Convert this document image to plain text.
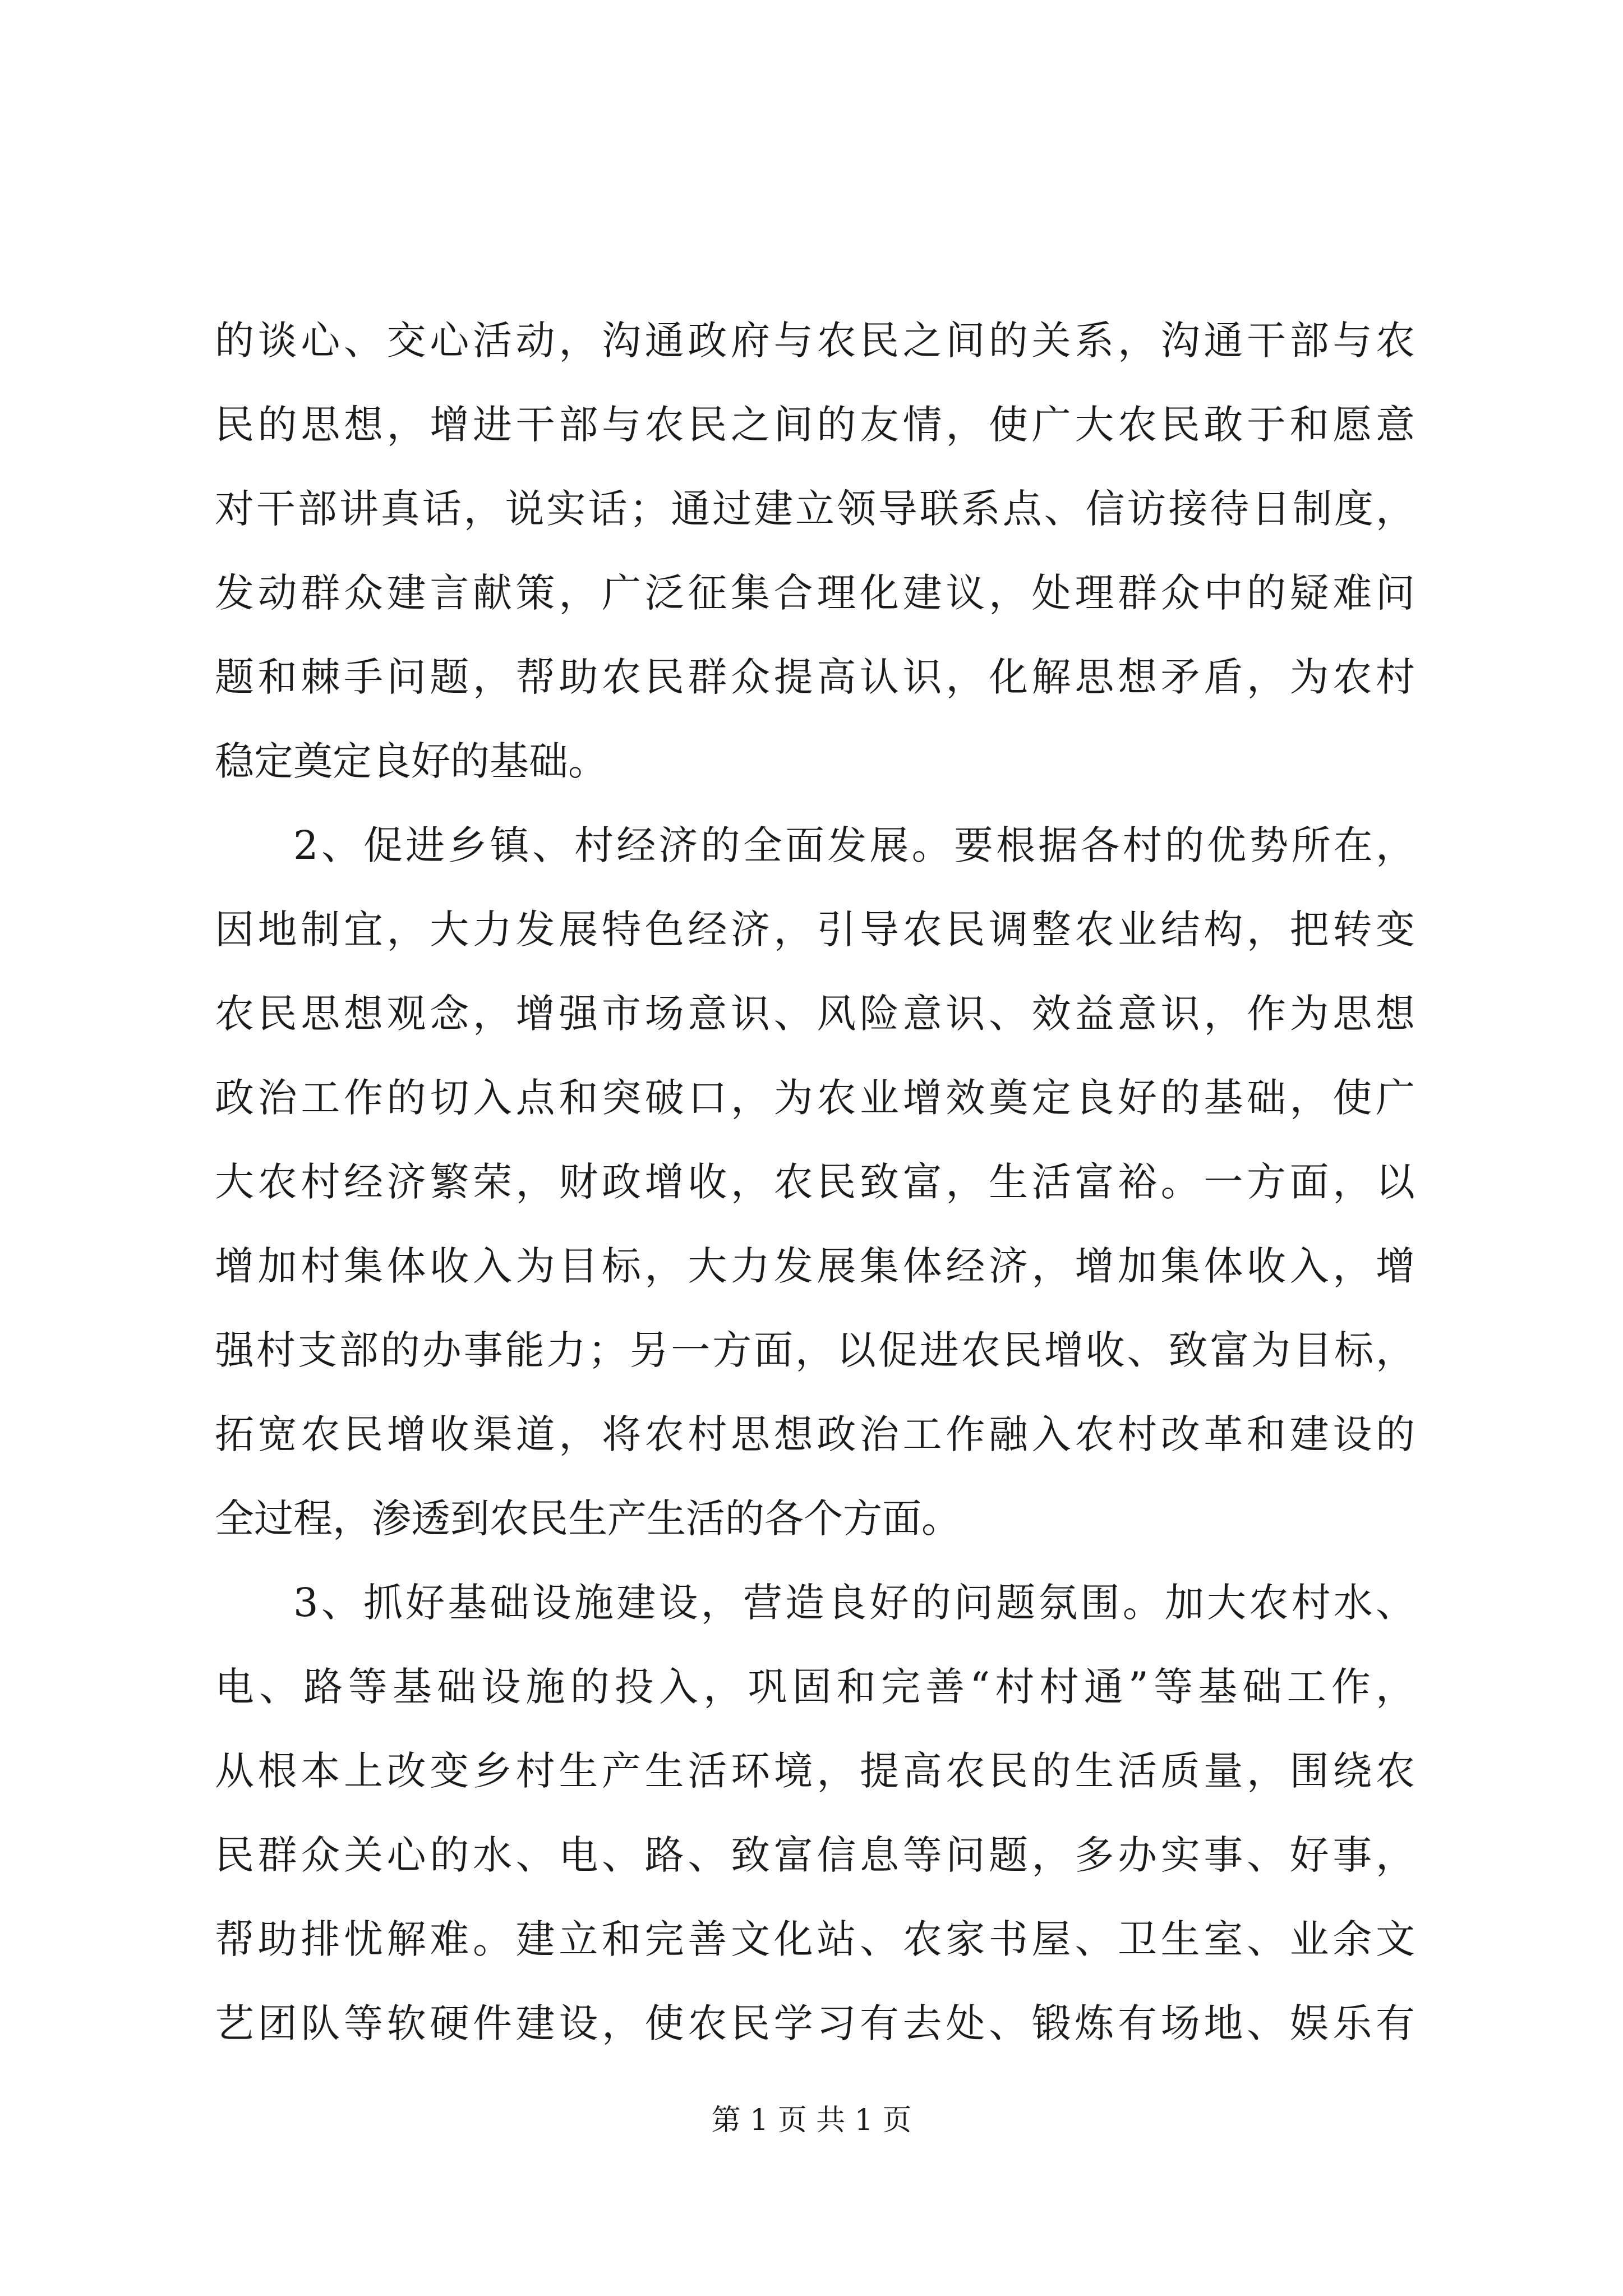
的谈心、交心活动，沟通政府与农民之间的关系，沟通干部与农
民的思想，增进干部与农民之间的友情，使广大农民敢于和愿意
对干部讲真话，说实话；通过建立领导联系点、信访接待日制度，
发动群众建言献策，广泛征集合理化建议，处理群众中的疑难问
题和棘手问题，帮助农民群众提高认识，化解思想矛盾，为农村
稳定奠定良好的基础。
2、促进乡镇、村经济的全面发展。要根据各村的优势所在，
因地制宜，大力发展特色经济，引导农民调整农业结构，把转变
农民思想观念，增强市场意识、风险意识、效益意识，作为思想
政治工作的切入点和突破口，为农业增效奠定良好的基础，使广
大农村经济繁荣，财政增收，农民致富，生活富裕。一方面，以
增加村集体收入为目标，大力发展集体经济，增加集体收入，增
强村支部的办事能力；另一方面，以促进农民增收、致富为目标，
拓宽农民增收渠道，将农村思想政治工作融入农村改革和建设的
全过程，渗透到农民生产生活的各个方面。
3、抓好基础设施建设，营造良好的问题氛围。加大农村水、
电、路等基础设施的投入，巩固和完善“村村通”等基础工作，
从根本上改变乡村生产生活环境，提高农民的生活质量，围绕农
民群众关心的水、电、路、致富信息等问题，多办实事、好事，
帮助排忧解难。建立和完善文化站、农家书屋、卫生室、业余文
艺团队等软硬件建设，使农民学习有去处、锻炼有场地、娱乐有
第 1 页 共 1 页
